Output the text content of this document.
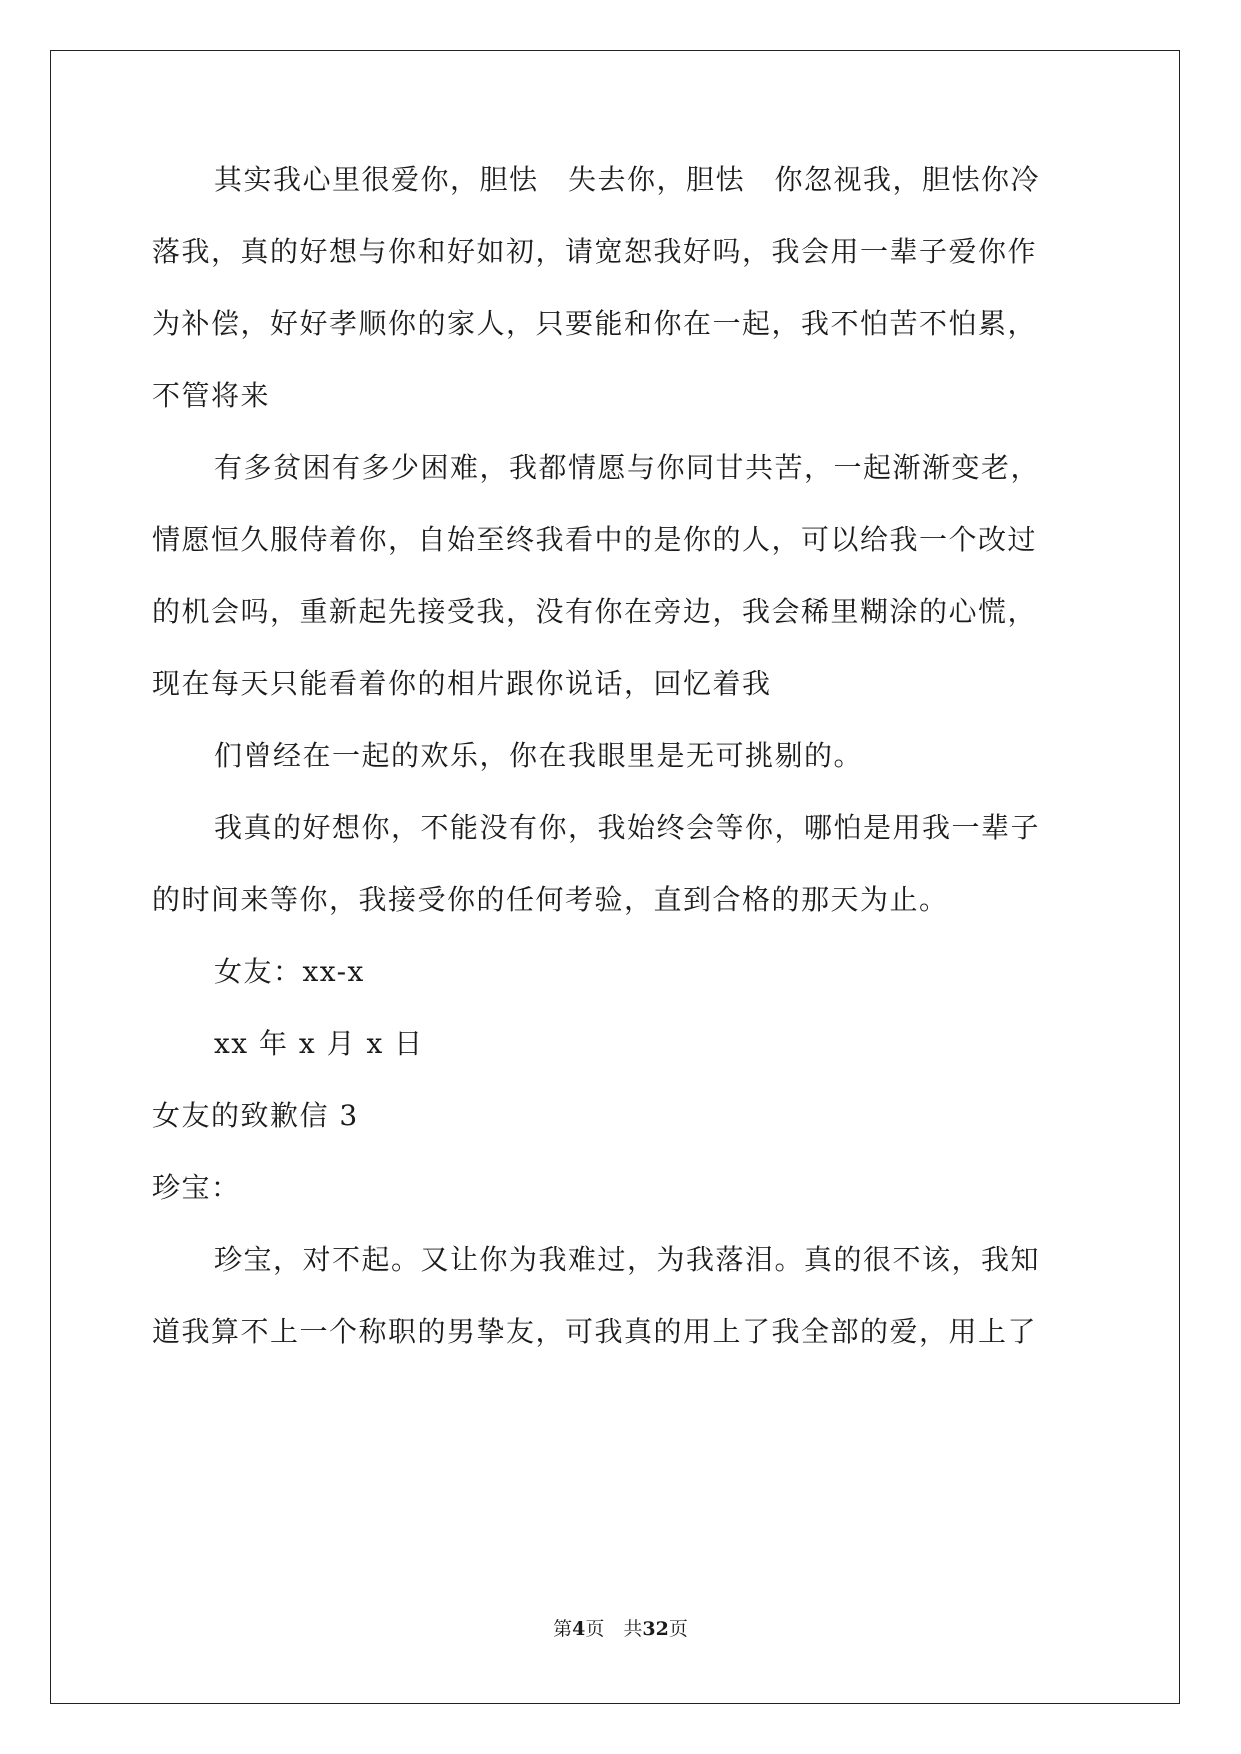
其实我心里很爱你，胆怯　失去你，胆怯　你忽视我，胆怯你冷
落我，真的好想与你和好如初，请宽恕我好吗，我会用一辈子爱你作
为补偿，好好孝顺你的家人，只要能和你在一起，我不怕苦不怕累，
不管将来
有多贫困有多少困难，我都情愿与你同甘共苦，一起渐渐变老，
情愿恒久服侍着你，自始至终我看中的是你的人，可以给我一个改过
的机会吗，重新起先接受我，没有你在旁边，我会稀里糊涂的心慌，
现在每天只能看着你的相片跟你说话，回忆着我
们曾经在一起的欢乐，你在我眼里是无可挑剔的。
我真的好想你，不能没有你，我始终会等你，哪怕是用我一辈子
的时间来等你，我接受你的任何考验，直到合格的那天为止。
女友：xx-x
xx 年 x 月 x 日
女友的致歉信 3
珍宝：
珍宝，对不起。又让你为我难过，为我落泪。真的很不该，我知
道我算不上一个称职的男挚友，可我真的用上了我全部的爱，用上了
第4页　共32页
